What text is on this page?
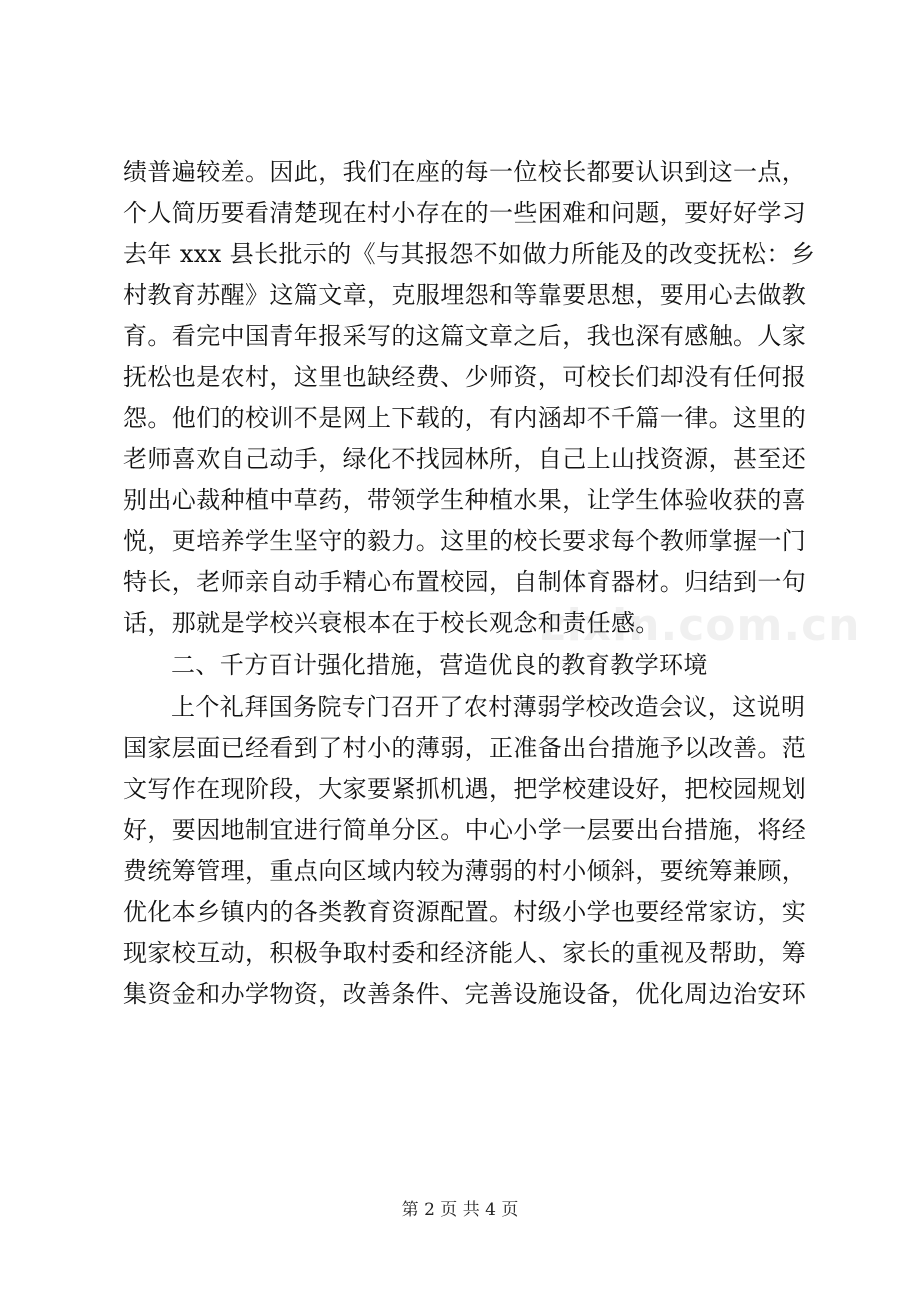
绩普遍较差。因此，我们在座的每一位校长都要认识到这一点，
个人简历要看清楚现在村小存在的一些困难和问题，要好好学习
去年 xxx 县长批示的《与其报怨不如做力所能及的改变抚松：乡
村教育苏醒》这篇文章，克服埋怨和等靠要思想，要用心去做教
育。看完中国青年报采写的这篇文章之后，我也深有感触。人家
抚松也是农村，这里也缺经费、少师资，可校长们却没有任何报
怨。他们的校训不是网上下载的，有内涵却不千篇一律。这里的
老师喜欢自己动手，绿化不找园林所，自己上山找资源，甚至还
别出心裁种植中草药，带领学生种植水果，让学生体验收获的喜
悦，更培养学生坚守的毅力。这里的校长要求每个教师掌握一门
特长，老师亲自动手精心布置校园，自制体育器材。归结到一句
话，那就是学校兴衰根本在于校长观念和责任感。
二、千方百计强化措施，营造优良的教育教学环境
上个礼拜国务院专门召开了农村薄弱学校改造会议，这说明
国家层面已经看到了村小的薄弱，正准备出台措施予以改善。范
文写作在现阶段，大家要紧抓机遇，把学校建设好，把校园规划
好，要因地制宜进行简单分区。中心小学一层要出台措施，将经
费统筹管理，重点向区域内较为薄弱的村小倾斜，要统筹兼顾，
优化本乡镇内的各类教育资源配置。村级小学也要经常家访，实
现家校互动，积极争取村委和经济能人、家长的重视及帮助，筹
集资金和办学物资，改善条件、完善设施设备，优化周边治安环
zixin.com.cn
第 2 页 共 4 页
